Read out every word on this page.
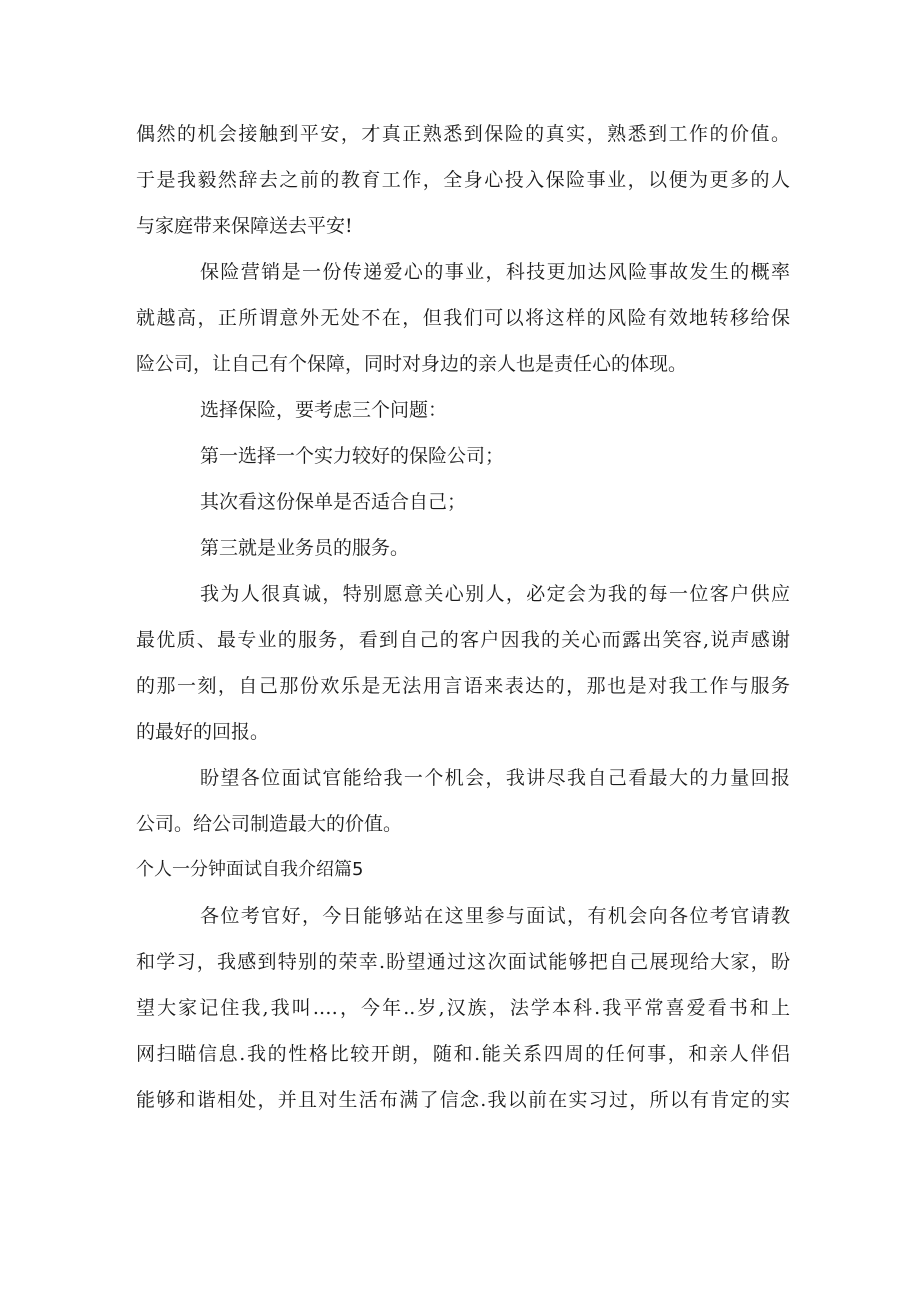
偶然的机会接触到平安，才真正熟悉到保险的真实，熟悉到工作的价值。
于是我毅然辞去之前的教育工作，全身心投入保险事业，以便为更多的人
与家庭带来保障送去平安!
保险营销是一份传递爱心的事业，科技更加达风险事故发生的概率
就越高，正所谓意外无处不在，但我们可以将这样的风险有效地转移给保
险公司，让自己有个保障，同时对身边的亲人也是责任心的体现。
选择保险，要考虑三个问题：
第一选择一个实力较好的保险公司；
其次看这份保单是否适合自己；
第三就是业务员的服务。
我为人很真诚，特别愿意关心别人，必定会为我的每一位客户供应
最优质、最专业的服务，看到自己的客户因我的关心而露出笑容,说声感谢
的那一刻，自己那份欢乐是无法用言语来表达的，那也是对我工作与服务
的最好的回报。
盼望各位面试官能给我一个机会，我讲尽我自己看最大的力量回报
公司。给公司制造最大的价值。
个人一分钟面试自我介绍篇5
各位考官好，今日能够站在这里参与面试，有机会向各位考官请教
和学习，我感到特别的荣幸.盼望通过这次面试能够把自己展现给大家，盼
望大家记住我,我叫.…，今年..岁,汉族，法学本科.我平常喜爱看书和上
网扫瞄信息.我的性格比较开朗，随和.能关系四周的任何事，和亲人伴侣
能够和谐相处，并且对生活布满了信念.我以前在实习过，所以有肯定的实
